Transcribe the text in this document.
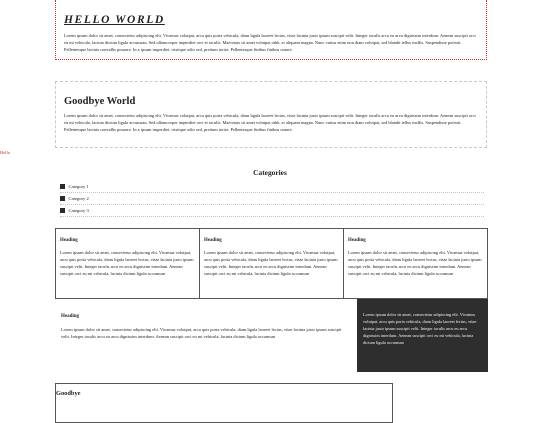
HELLO WORLD

Lorem ipsum dolor sit amet, consectetur adipiscing elit. Vivamus volutpat, arcu quis porta vehicula, diam ligula laoreet lectus, vitae lacinia justo ipsum suscipit velit. Integer iaculis arcu eu arcu dignissim interdum. Aenean suscipit orci eu mi vehicula, lacinia dictum ligula accumsan. Sed ullamcorper imperdiet orci et iaculis. Maecenas sit amet volutpat nibh, et aliquam magna. Nunc varius enim non diam volutpat, sed blandit tellus mollis. Suspendisse potenti. Pellentesque lacinia convallis posuere. In a ipsum imperdiet, tristique odio sed, pretium tortor. Pellentesque finibus finibus ornare.

Goodbye World

Lorem ipsum dolor sit amet, consectetur adipiscing elit. Vivamus volutpat, arcu quis porta vehicula, diam ligula laoreet lectus, vitae lacinia justo ipsum suscipit velit. Integer iaculis arcu eu arcu dignissim interdum. Aenean suscipit orci eu mi vehicula, lacinia dictum ligula accumsan. Sed ullamcorper imperdiet orci et iaculis. Maecenas sit amet volutpat nibh, et aliquam magna. Nunc varius enim non diam volutpat, sed blandit tellus mollis. Suspendisse potenti. Pellentesque lacinia convallis posuere. In a ipsum imperdiet, tristique odio sed, pretium tortor. Pellentesque finibus finibus ornare.

Hello
Categories
Category 1
Category 2
Category 3
Heading

Lorem ipsum dolor sit amet, consectetur adipiscing elit. Vivamus volutpat, arcu quis porta vehicula, diam ligula laoreet lectus, vitae lacinia justo ipsum suscipit velit. Integer iaculis arcu eu arcu dignissim interdum. Aenean suscipit orci eu mi vehicula, lacinia dictum ligula accumsan

Heading

Lorem ipsum dolor sit amet, consectetur adipiscing elit. Vivamus volutpat, arcu quis porta vehicula, diam ligula laoreet lectus, vitae lacinia justo ipsum suscipit velit. Integer iaculis arcu eu arcu dignissim interdum. Aenean suscipit orci eu mi vehicula, lacinia dictum ligula accumsan

Heading

Lorem ipsum dolor sit amet, consectetur adipiscing elit. Vivamus volutpat, arcu quis porta vehicula, diam ligula laoreet lectus, vitae lacinia justo ipsum suscipit velit. Integer iaculis arcu eu arcu dignissim interdum. Aenean suscipit orci eu mi vehicula, lacinia dictum ligula accumsan

Heading

Lorem ipsum dolor sit amet, consectetur adipiscing elit. Vivamus volutpat, arcu quis porta vehicula, diam ligula laoreet lectus, vitae lacinia justo ipsum suscipit velit. Integer iaculis arcu eu arcu dignissim interdum. Aenean suscipit orci eu mi vehicula, lacinia dictum ligula accumsan

Lorem ipsum dolor sit amet, consectetur adipiscing elit. Vivamus volutpat, arcu quis porta vehicula, diam ligula laoreet lectus, vitae lacinia justo ipsum suscipit velit. Integer iaculis arcu eu arcu dignissim interdum. Aenean suscipit orci eu mi vehicula, lacinia dictum ligula accumsan

Goodbye
